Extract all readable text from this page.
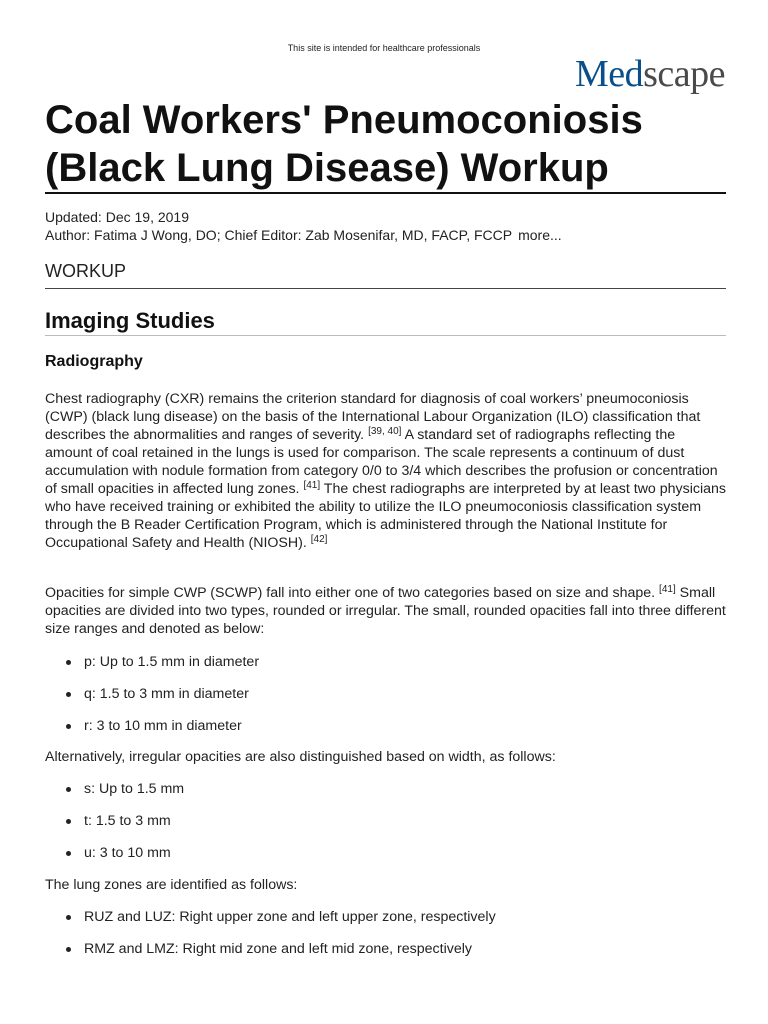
This site is intended for healthcare professionals
Medscape
Coal Workers' Pneumoconiosis (Black Lung Disease) Workup
Updated: Dec 19, 2019
Author: Fatima J Wong, DO; Chief Editor: Zab Mosenifar, MD, FACP, FCCP more...
WORKUP
Imaging Studies
Radiography

Chest radiography (CXR) remains the criterion standard for diagnosis of coal workers’ pneumoconiosis (CWP) (black lung disease) on the basis of the International Labour Organization (ILO) classification that describes the abnormalities and ranges of severity. [39, 40] A standard set of radiographs reflecting the amount of coal retained in the lungs is used for comparison. The scale represents a continuum of dust accumulation with nodule formation from category 0/0 to 3/4 which describes the profusion or concentration of small opacities in affected lung zones. [41] The chest radiographs are interpreted by at least two physicians who have received training or exhibited the ability to utilize the ILO pneumoconiosis classification system through the B Reader Certification Program, which is administered through the National Institute for Occupational Safety and Health (NIOSH). [42]

Opacities for simple CWP (SCWP) fall into either one of two categories based on size and shape. [41] Small opacities are divided into two types, rounded or irregular. The small, rounded opacities fall into three different size ranges and denoted as below:

p: Up to 1.5 mm in diameter
q: 1.5 to 3 mm in diameter
r: 3 to 10 mm in diameter

Alternatively, irregular opacities are also distinguished based on width, as follows:

s: Up to 1.5 mm
t: 1.5 to 3 mm
u: 3 to 10 mm

The lung zones are identified as follows:

RUZ and LUZ: Right upper zone and left upper zone, respectively
RMZ and LMZ: Right mid zone and left mid zone, respectively
